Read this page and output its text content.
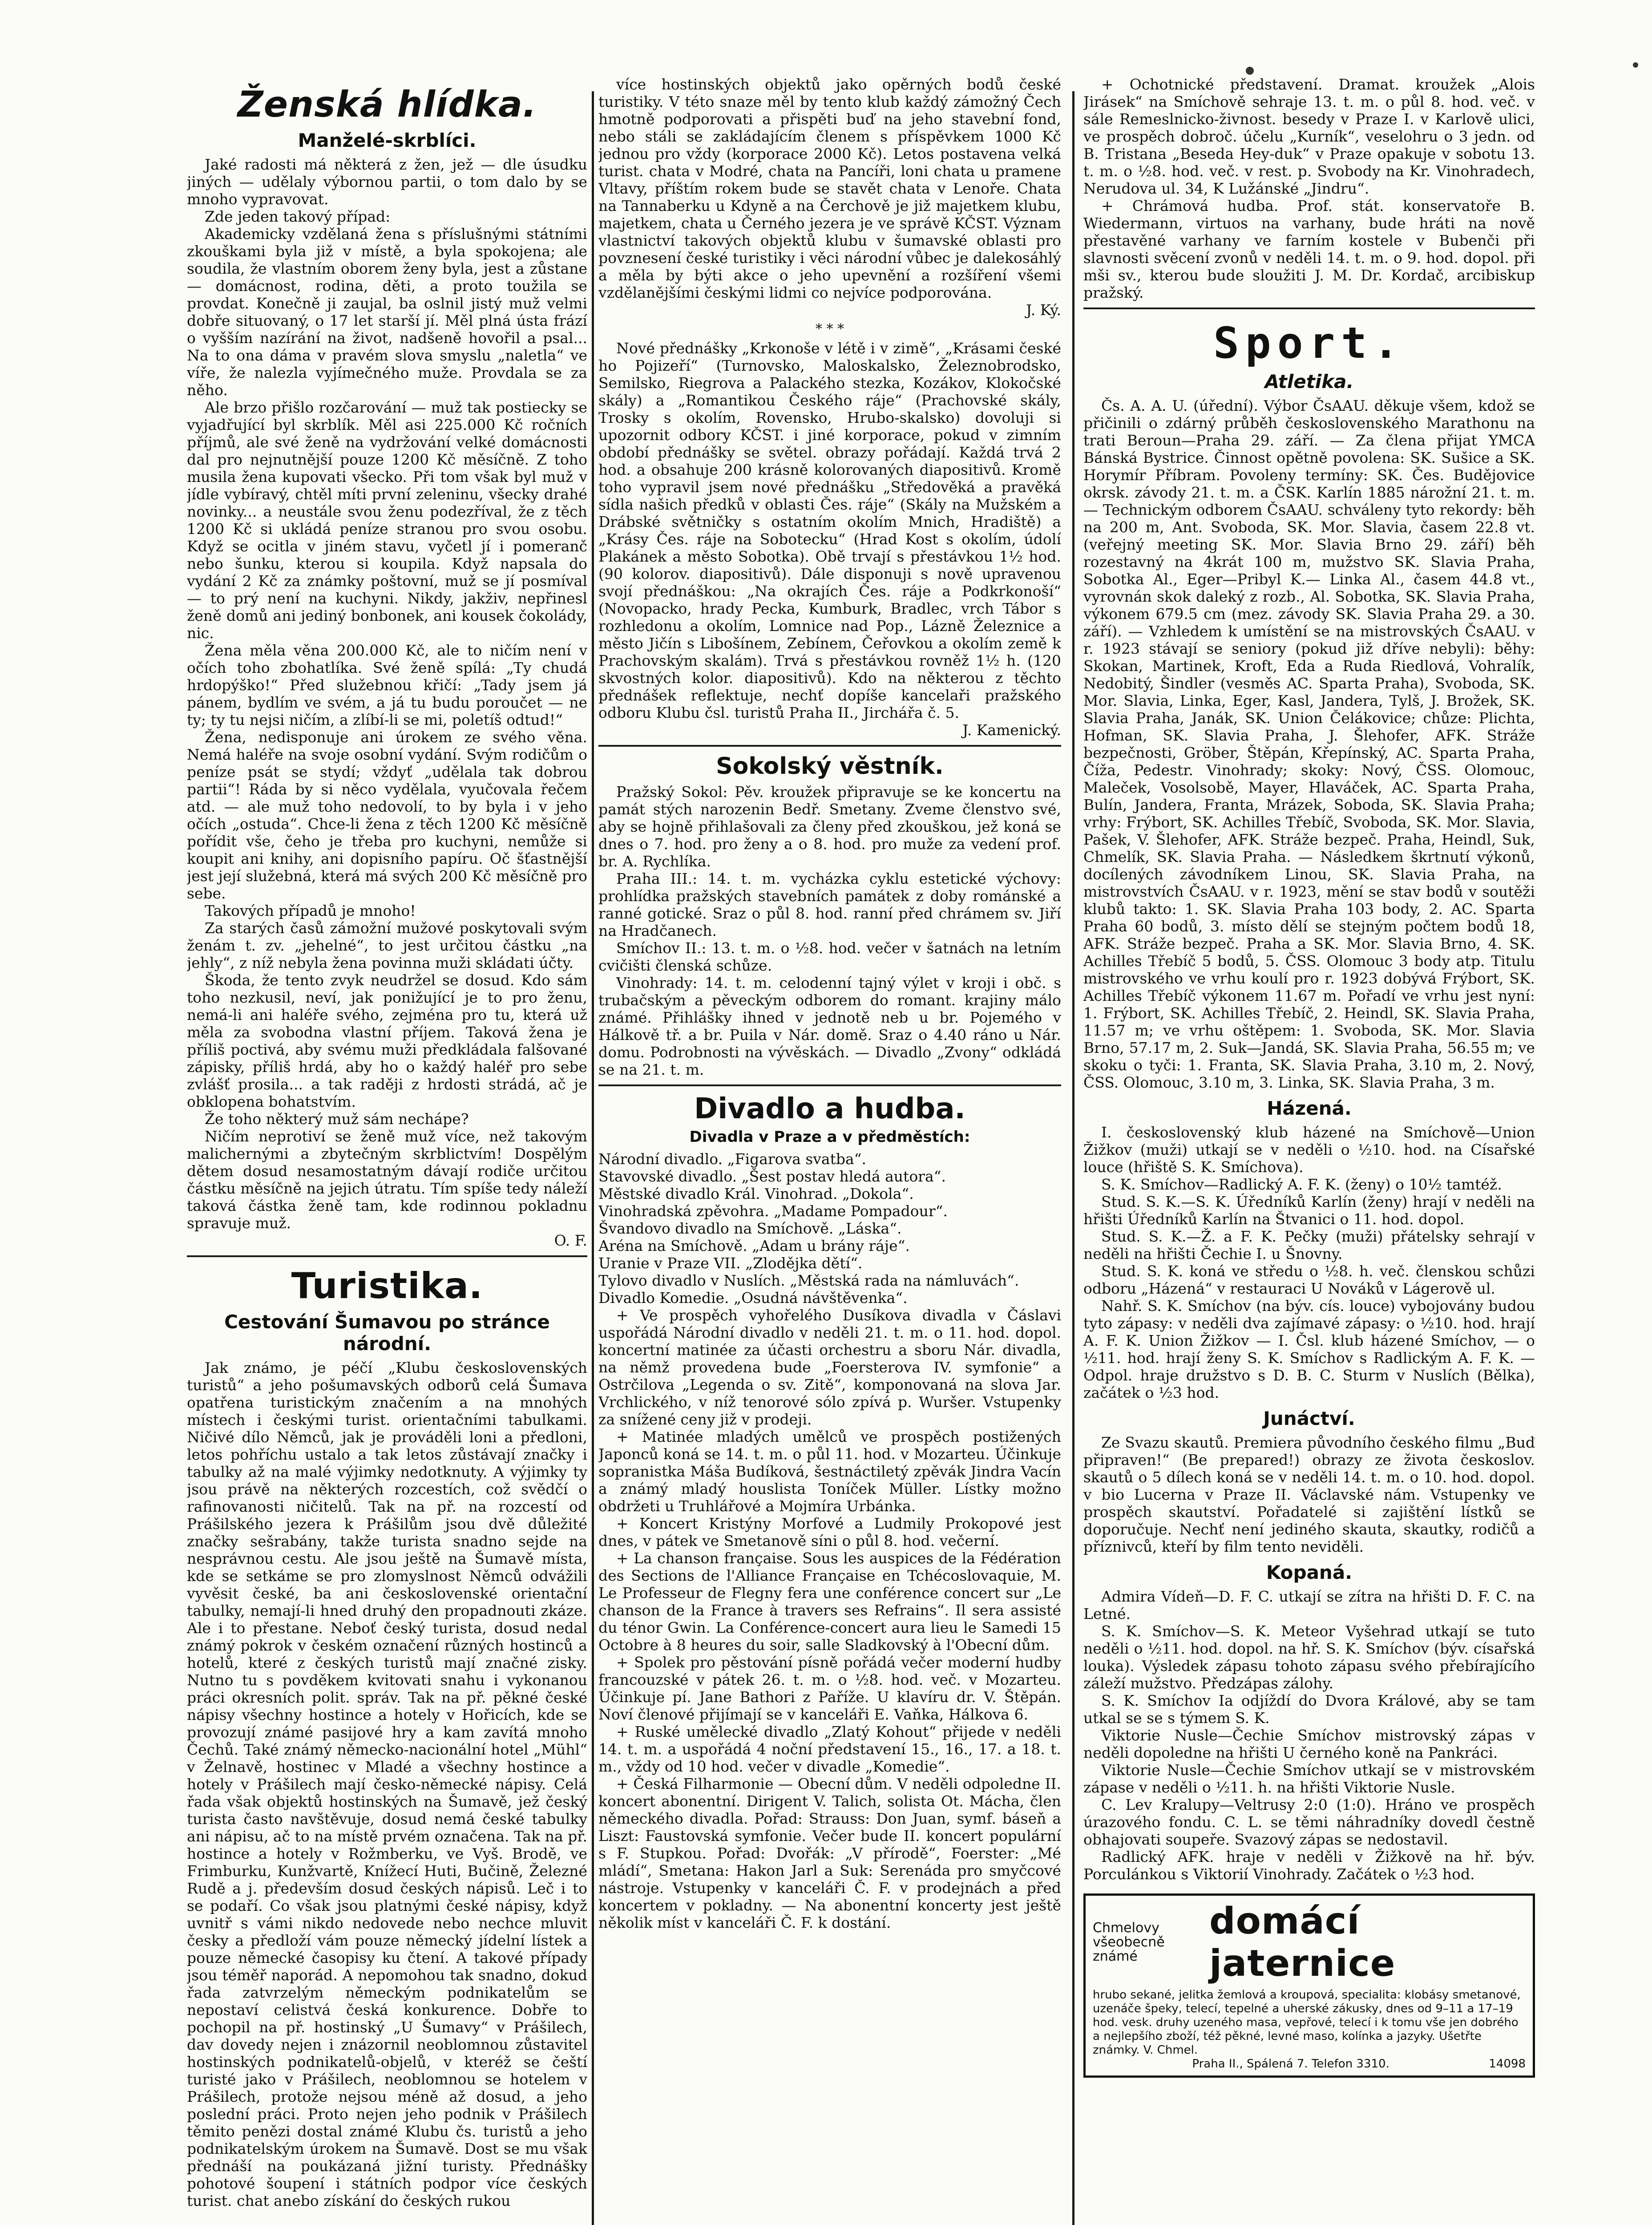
Ženská hlídka.
Manželé-skrblíci.

Jaké radosti má některá z žen, jež — dle úsudku jiných — udělaly výbornou partii, o tom dalo by se mnoho vypravovat.

Zde jeden takový případ:

Akademicky vzdělaná žena s příslušnými státními zkouškami byla již v místě, a byla spokojena; ale soudila, že vlastním oborem ženy byla, jest a zůstane — domácnost, rodina, děti, a proto toužila se provdat. Konečně ji zaujal, ba oslnil jistý muž velmi dobře situovaný, o 17 let starší jí. Měl plná ústa frází o vyšším nazírání na život, nadšeně hovořil a psal... Na to ona dáma v pravém slova smyslu „naletla“ ve víře, že nalezla vyjímečného muže. Provdala se za něho.

Ale brzo přišlo rozčarování — muž tak postiecky se vyjadřující byl skrblík. Měl asi 225.000 Kč ročních příjmů, ale své ženě na vydržování velké domácnosti dal pro nejnutnější pouze 1200 Kč měsíčně. Z toho musila žena kupovati všecko. Při tom však byl muž v jídle vybíravý, chtěl míti první zeleninu, všecky drahé novinky... a neustále svou ženu podezříval, že z těch 1200 Kč si ukládá peníze stranou pro svou osobu. Když se ocitla v jiném stavu, vyčetl jí i pomeranč nebo šunku, kterou si koupila. Když napsala do vydání 2 Kč za známky poštovní, muž se jí posmíval — to prý není na kuchyni. Nikdy, jakživ, nepřinesl ženě domů ani jediný bonbonek, ani kousek čokolády, nic.

Žena měla věna 200.000 Kč, ale to ničím není v očích toho zbohatlíka. Své ženě spílá: „Ty chudá hrdopýško!“ Před služebnou křičí: „Tady jsem já pánem, bydlím ve svém, a já tu budu poroučet — ne ty; ty tu nejsi ničím, a zlíbí-li se mi, poletíš odtud!“

Žena, nedisponuje ani úrokem ze svého věna. Nemá haléře na svoje osobní vydání. Svým rodičům o peníze psát se stydí; vždyť „udělala tak dobrou partii“! Ráda by si něco vydělala, vyučovala řečem atd. — ale muž toho nedovolí, to by byla i v jeho očích „ostuda“. Chce-li žena z těch 1200 Kč měsíčně pořídit vše, čeho je třeba pro kuchyni, nemůže si koupit ani knihy, ani dopisního papíru. Oč šťastnější jest její služebná, která má svých 200 Kč měsíčně pro sebe.

Takových případů je mnoho!

Za starých časů zámožní mužové poskytovali svým ženám t. zv. „jehelné“, to jest určitou částku „na jehly“, z níž nebyla žena povinna muži skládati účty.

Škoda, že tento zvyk neudržel se dosud. Kdo sám toho nezkusil, neví, jak ponižující je to pro ženu, nemá-li ani haléře svého, zejména pro tu, která už měla za svobodna vlastní příjem. Taková žena je příliš poctivá, aby svému muži předkládala falšované zápisky, příliš hrdá, aby ho o každý haléř pro sebe zvlášť prosila... a tak raději z hrdosti strádá, ač je obklopena bohatstvím.

Že toho některý muž sám nechápe?

Ničím neprotiví se ženě muž více, než takovým malichernými a zbytečným skrblictvím! Dospělým dětem dosud nesamostatným dávají rodiče určitou částku měsíčně na jejich útratu. Tím spíše tedy náleží taková částka ženě tam, kde rodinnou pokladnu spravuje muž.

O. F.

Turistika.
Cestování Šumavou po stránce národní.

Jak známo, je péčí „Klubu československých turistů“ a jeho pošumavských odborů celá Šumava opatřena turistickým značením a na mnohých místech i českými turist. orientačními tabulkami. Ničivé dílo Němců, jak je prováděli loni a předloni, letos pohříchu ustalo a tak letos zůstávají značky i tabulky až na malé výjimky nedotknuty. A výjimky ty jsou právě na některých rozcestích, což svědčí o rafinovanosti ničitelů. Tak na př. na rozcestí od Prášilského jezera k Prášilům jsou dvě důležité značky sešrabány, takže turista snadno sejde na nesprávnou cestu. Ale jsou ještě na Šumavě místa, kde se setkáme se pro zlomyslnost Němců odvážili vyvěsit české, ba ani československé orientační tabulky, nemají-li hned druhý den propadnouti zkáze. Ale i to přestane. Neboť český turista, dosud nedal známý pokrok v českém označení různých hostinců a hotelů, které z českých turistů mají značné zisky. Nutno tu s povděkem kvitovati snahu i vykonanou práci okresních polit. správ. Tak na př. pěkné české nápisy všechny hostince a hotely v Hořicích, kde se provozují známé pasijové hry a kam zavítá mnoho Čechů. Také známý německo-nacionální hotel „Mühl“ v Želnavě, hostinec v Mladé a všechny hostince a hotely v Prášilech mají česko-německé nápisy. Celá řada však objektů hostinských na Šumavě, jež český turista často navštěvuje, dosud nemá české tabulky ani nápisu, ač to na místě prvém označena. Tak na př. hostince a hotely v Rožmberku, ve Vyš. Brodě, ve Frimburku, Kunžvartě, Knížecí Huti, Bučině, Železné Rudě a j. především dosud českých nápisů. Leč i to se podaří. Co však jsou platnými české nápisy, když uvnitř s vámi nikdo nedovede nebo nechce mluvit česky a předloží vám pouze německý jídelní lístek a pouze německé časopisy ku čtení. A takové případy jsou téměř naporád. A nepomohou tak snadno, dokud řada zatvrzelým německým podnikatelům se nepostaví celistvá česká konkurence. Dobře to pochopil na př. hostinský „U Šumavy“ v Prášilech, dav dovedy nejen i znázornil neoblomnou zůstavitel hostinských podnikatelů-objelů, v kteréž se čeští turisté jako v Prášilech, neoblomnou se hotelem v Prášilech, protože nejsou méně až dosud, a jeho poslední práci. Proto nejen jeho podnik v Prášilech těmito penězi dostal známé Klubu čs. turistů a jeho podnikatelským úrokem na Šumavě. Dost se mu však přednáší na poukázaná jižní turisty. Přednášky pohotové šoupení i státních podpor více českých turist. chat anebo získání do českých rukou

více hostinských objektů jako opěrných bodů české turistiky. V této snaze měl by tento klub každý zámožný Čech hmotně podporovati a přispěti buď na jeho stavební fond, nebo stáli se zakládajícím členem s příspěvkem 1000 Kč jednou pro vždy (korporace 2000 Kč). Letos postavena velká turist. chata v Modré, chata na Pancíři, loni chata u pramene Vltavy, příštím rokem bude se stavět chata v Lenoře. Chata na Tannaberku u Kdyně a na Čerchově je již majetkem klubu, majetkem, chata u Černého jezera je ve správě KČST. Význam vlastnictví takových objektů klubu v šumavské oblasti pro povznesení české turistiky i věci národní vůbec je dalekosáhlý a měla by býti akce o jeho upevnění a rozšíření všemi vzdělanějšími českými lidmi co nejvíce podporována.

J. Ký.

* * *

Nové přednášky „Krkonoše v létě i v zimě“, „Krásami české ho Pojizeří“ (Turnovsko, Maloskalsko, Železnobrodsko, Semilsko, Riegrova a Palackého stezka, Kozákov, Klokočské skály) a „Romantikou Českého ráje“ (Prachovské skály, Trosky s okolím, Rovensko, Hrubo-skalsko) dovoluji si upozornit odbory KČST. i jiné korporace, pokud v zimním období přednášky se světel. obrazy pořádají. Každá trvá 2 hod. a obsahuje 200 krásně kolorovaných diapositivů. Kromě toho vypravil jsem nové přednášku „Středověká a pravěká sídla našich předků v oblasti Čes. ráje“ (Skály na Mužském a Drábské světničky s ostatním okolím Mnich, Hradiště) a „Krásy Čes. ráje na Sobotecku“ (Hrad Kost s okolím, údolí Plakánek a město Sobotka). Obě trvají s přestávkou 1½ hod. (90 kolorov. diapositivů). Dále disponuji s nově upravenou svojí přednáškou: „Na okrajích Čes. ráje a Podkrkonoší“ (Novopacko, hrady Pecka, Kumburk, Bradlec, vrch Tábor s rozhledonu a okolím, Lomnice nad Pop., Lázně Železnice a město Jičín s Libošínem, Zebínem, Čeřovkou a okolím země k Prachovským skalám). Trvá s přestávkou rovněž 1½ h. (120 skvostných kolor. diapositivů). Kdo na některou z těchto přednášek reflektuje, nechť dopíše kancelaři pražského odboru Klubu čsl. turistů Praha II., Jirchářa č. 5.

J. Kamenický.

Sokolský věstník.

Pražský Sokol: Pěv. kroužek připravuje se ke koncertu na památ stých narozenin Bedř. Smetany. Zveme členstvo své, aby se hojně přihlašovali za členy před zkouškou, jež koná se dnes o 7. hod. pro ženy a o 8. hod. pro muže za vedení prof. br. A. Rychlíka.

Praha III.: 14. t. m. vycházka cyklu estetické výchovy: prohlídka pražských stavebních památek z doby románské a ranné gotické. Sraz o půl 8. hod. ranní před chrámem sv. Jiří na Hradčanech.

Smíchov II.: 13. t. m. o ½8. hod. večer v šatnách na letním cvičišti členská schůze.

Vinohrady: 14. t. m. celodenní tajný výlet v kroji i obč. s trubačským a pěveckým odborem do romant. krajiny málo známé. Přihlášky ihned v jednotě neb u br. Pojemého v Hálkově tř. a br. Puila v Nár. domě. Sraz o 4.40 ráno u Nár. domu. Podrobnosti na vývěskách. — Divadlo „Zvony“ odkládá se na 21. t. m.

Divadlo a hudba.
Divadla v Praze a v předměstích:
Národní divadlo. „Figarova svatba“.
Stavovské divadlo. „Šest postav hledá autora“.
Městské divadlo Král. Vinohrad. „Dokola“.
Vinohradská zpěvohra. „Madame Pompadour“.
Švandovo divadlo na Smíchově. „Láska“.
Aréna na Smíchově. „Adam u brány ráje“.
Uranie v Praze VII. „Zlodějka dětí“.
Tylovo divadlo v Nuslích. „Městská rada na námluvách“.
Divadlo Komedie. „Osudná návštěvenka“.

+ Ve prospěch vyhořelého Dusíkova divadla v Čáslavi uspořádá Národní divadlo v neděli 21. t. m. o 11. hod. dopol. koncertní matinée za účasti orchestru a sboru Nár. divadla, na němž provedena bude „Foersterova IV. symfonie“ a Ostrčilova „Legenda o sv. Zitě“, komponovaná na slova Jar. Vrchlického, v níž tenorové sólo zpívá p. Wuršer. Vstupenky za snížené ceny již v prodeji.

+ Matinée mladých umělců ve prospěch postižených Japonců koná se 14. t. m. o půl 11. hod. v Mozarteu. Účinkuje sopranistka Máša Budíková, šestnáctiletý zpěvák Jindra Vacín a známý mladý houslista Toníček Müller. Lístky možno obdržeti u Truhlářové a Mojmíra Urbánka.

+ Koncert Kristýny Morfové a Ludmily Prokopové jest dnes, v pátek ve Smetanově síni o půl 8. hod. večerní.

+ La chanson française. Sous les auspices de la Fédération des Sections de l'Alliance Française en Tchécoslovaquie, M. Le Professeur de Flegny fera une conférence concert sur „Le chanson de la France à travers ses Refrains“. Il sera assisté du ténor Gwin. La Conférence-concert aura lieu le Samedi 15 Octobre à 8 heures du soir, salle Sladkovský à l'Obecní dům.

+ Spolek pro pěstování písně pořádá večer moderní hudby francouzské v pátek 26. t. m. o ½8. hod. več. v Mozarteu. Účinkuje pí. Jane Bathori z Paříže. U klavíru dr. V. Štěpán. Noví členové přijímají se v kanceláři E. Vaňka, Hálkova 6.

+ Ruské umělecké divadlo „Zlatý Kohout“ přijede v neděli 14. t. m. a uspořádá 4 noční představení 15., 16., 17. a 18. t. m., vždy od 10 hod. večer v divadle „Komedie“.

+ Česká Filharmonie — Obecní dům. V neděli odpoledne II. koncert abonentní. Dirigent V. Talich, solista Ot. Mácha, člen německého divadla. Pořad: Strauss: Don Juan, symf. báseň a Liszt: Faustovská symfonie. Večer bude II. koncert populární s F. Stupkou. Pořad: Dvořák: „V přírodě“, Foerster: „Mé mládí“, Smetana: Hakon Jarl a Suk: Serenáda pro smyčcové nástroje. Vstupenky v kanceláři Č. F. v prodejnách a před koncertem v pokladny. — Na abonentní koncerty jest ještě několik míst v kanceláři Č. F. k dostání.

+ Ochotnické představení. Dramat. kroužek „Alois Jirásek“ na Smíchově sehraje 13. t. m. o půl 8. hod. več. v sále Remeslnicko-živnost. besedy v Praze I. v Karlově ulici, ve prospěch dobroč. účelu „Kurník“, veselohru o 3 jedn. od B. Tristana „Beseda Hey-duk“ v Praze opakuje v sobotu 13. t. m. o ½8. hod. več. v rest. p. Svobody na Kr. Vinohradech, Nerudova ul. 34, K Lužánské „Jindru“.

+ Chrámová hudba. Prof. stát. konservatoře B. Wiedermann, virtuos na varhany, bude hráti na nově přestavěné varhany ve farním kostele v Bubenči při slavnosti svěcení zvonů v neděli 14. t. m. o 9. hod. dopol. při mši sv., kterou bude sloužiti J. M. Dr. Kordač, arcibiskup pražský.

Sport.
Atletika.

Čs. A. A. U. (úřední). Výbor ČsAAU. děkuje všem, kdož se přičinili o zdárný průběh československého Marathonu na trati Beroun—Praha 29. září. — Za člena přijat YMCA Bánská Bystrice. Činnost opětně povolena: SK. Sušice a SK. Horymír Příbram. Povoleny termíny: SK. Čes. Budějovice okrsk. závody 21. t. m. a ČSK. Karlín 1885 nárožní 21. t. m. — Technickým odborem ČsAAU. schváleny tyto rekordy: běh na 200 m, Ant. Svoboda, SK. Mor. Slavia, časem 22.8 vt. (veřejný meeting SK. Mor. Slavia Brno 29. září) běh rozestavný na 4krát 100 m, mužstvo SK. Slavia Praha, Sobotka Al., Eger—Pribyl K.— Linka Al., časem 44.8 vt., vyrovnán skok daleký z rozb., Al. Sobotka, SK. Slavia Praha, výkonem 679.5 cm (mez. závody SK. Slavia Praha 29. a 30. září). — Vzhledem k umístění se na mistrovských ČsAAU. v r. 1923 stávají se seniory (pokud již dříve nebyli): běhy: Skokan, Martinek, Kroft, Eda a Ruda Riedlová, Vohralík, Nedobitý, Šindler (vesměs AC. Sparta Praha), Svoboda, SK. Mor. Slavia, Linka, Eger, Kasl, Jandera, Tylš, J. Brožek, SK. Slavia Praha, Janák, SK. Union Čelákovice; chůze: Plichta, Hofman, SK. Slavia Praha, J. Šlehofer, AFK. Stráže bezpečnosti, Gröber, Štěpán, Křepínský, AC. Sparta Praha, Číža, Pedestr. Vinohrady; skoky: Nový, ČSS. Olomouc, Maleček, Vosolsobě, Mayer, Hlaváček, AC. Sparta Praha, Bulín, Jandera, Franta, Mrázek, Soboda, SK. Slavia Praha; vrhy: Frýbort, SK. Achilles Třebíč, Svoboda, SK. Mor. Slavia, Pašek, V. Šlehofer, AFK. Stráže bezpeč. Praha, Heindl, Suk, Chmelík, SK. Slavia Praha. — Následkem škrtnutí výkonů, docílených závodníkem Linou, SK. Slavia Praha, na mistrovstvích ČsAAU. v r. 1923, mění se stav bodů v soutěži klubů takto: 1. SK. Slavia Praha 103 body, 2. AC. Sparta Praha 60 bodů, 3. místo dělí se stejným počtem bodů 18, AFK. Stráže bezpeč. Praha a SK. Mor. Slavia Brno, 4. SK. Achilles Třebíč 5 bodů, 5. ČSS. Olomouc 3 body atp. Titulu mistrovského ve vrhu koulí pro r. 1923 dobývá Frýbort, SK. Achilles Třebíč výkonem 11.67 m. Pořadí ve vrhu jest nyní: 1. Frýbort, SK. Achilles Třebíč, 2. Heindl, SK. Slavia Praha, 11.57 m; ve vrhu oštěpem: 1. Svoboda, SK. Mor. Slavia Brno, 57.17 m, 2. Suk—Jandá, SK. Slavia Praha, 56.55 m; ve skoku o tyči: 1. Franta, SK. Slavia Praha, 3.10 m, 2. Nový, ČSS. Olomouc, 3.10 m, 3. Linka, SK. Slavia Praha, 3 m.

Házená.

I. československý klub házené na Smíchově—Union Žižkov (muži) utkají se v neděli o ½10. hod. na Císařské louce (hřiště S. K. Smíchova).

S. K. Smíchov—Radlický A. F. K. (ženy) o 10½ tamtéž.

Stud. S. K.—S. K. Úředníků Karlín (ženy) hrají v neděli na hřišti Úředníků Karlín na Štvanici o 11. hod. dopol.

Stud. S. K.—Ž. a F. K. Pečky (muži) přátelsky sehrají v neděli na hřišti Čechie I. u Šnovny.

Stud. S. K. koná ve středu o ½8. h. več. členskou schůzi odboru „Házená“ v restauraci U Nováků v Lágerově ul.

Nahř. S. K. Smíchov (na býv. cís. louce) vybojovány budou tyto zápasy: v neděli dva zajímavé zápasy: o ½10. hod. hrají A. F. K. Union Žižkov — I. Čsl. klub házené Smíchov, — o ½11. hod. hrají ženy S. K. Smíchov s Radlickým A. F. K. — Odpol. hraje družstvo s D. B. C. Sturm v Nuslích (Bělka), začátek o ½3 hod.

Junáctví.

Ze Svazu skautů. Premiera původního českého filmu „Buď připraven!“ (Be prepared!) obrazy ze života českoslov. skautů o 5 dílech koná se v neděli 14. t. m. o 10. hod. dopol. v bio Lucerna v Praze II. Václavské nám. Vstupenky ve prospěch skautství. Pořadatelé si zajištění lístků se doporučuje. Nechť není jediného skauta, skautky, rodičů a příznivců, kteří by film tento neviděli.

Kopaná.

Admira Vídeň—D. F. C. utkají se zítra na hřišti D. F. C. na Letné.

S. K. Smíchov—S. K. Meteor Vyšehrad utkají se tuto neděli o ½11. hod. dopol. na hř. S. K. Smíchov (býv. císařská louka). Výsledek zápasu tohoto zápasu svého přebírajícího záleží mužstvo. Předzápas zálohy.

S. K. Smíchov Ia odjíždí do Dvora Králové, aby se tam utkal se se s týmem S. K.

Viktorie Nusle—Čechie Smíchov mistrovský zápas v neděli dopoledne na hřišti U černého koně na Pankráci.

Viktorie Nusle—Čechie Smíchov utkají se v mistrovském zápase v neděli o ½11. h. na hřišti Viktorie Nusle.

C. Lev Kralupy—Veltrusy 2:0 (1:0). Hráno ve prospěch úrazového fondu. C. L. se těmi náhradníky dovedl čestně obhajovati soupeře. Svazový zápas se nedostavil.

Radlický AFK. hraje v neděli v Žižkově na hř. býv. Porculánkou s Viktorií Vinohrady. Začátek o ½3 hod.

Chmelovy
všeobecně známé
domácí jaternice
hrubo sekané, jelitka žemlová a kroupová, specialita: klobásy smetanové, uzenáče špeky, telecí, tepelné a uherské zákusky, dnes od 9–11 a 17–19 hod. vesk. druhy uzeného masa, vepřové, telecí i k tomu vše jen dobrého a nejlepšího zboží, též pěkné, levné maso, kolínka a jazyky. Ušetřte známky. V. Chmel.
Praha II., Spálená 7. Telefon 3310.	14098
